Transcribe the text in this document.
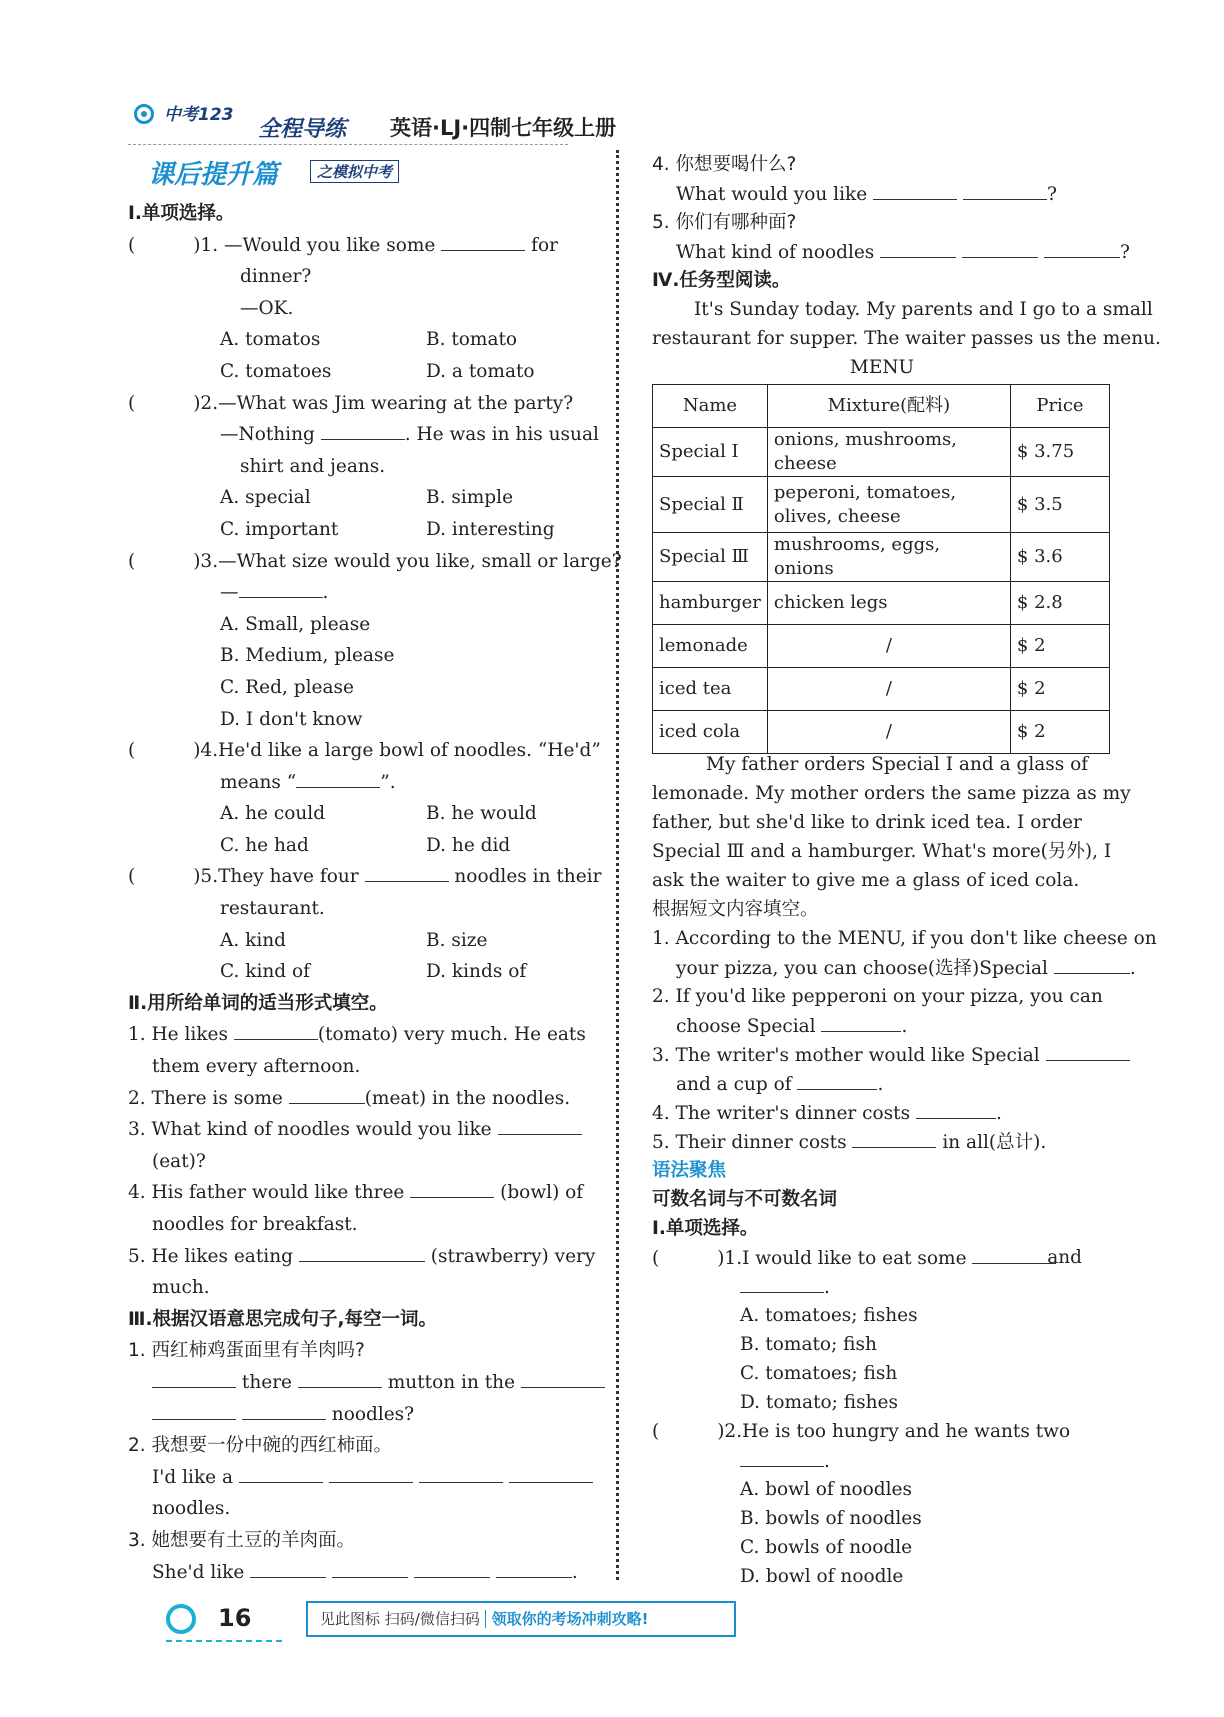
中考123
全程导练 英语·LJ·四制七年级上册
课后提升篇	之模拟中考
Ⅰ.单项选择。
(	)1. —Would you like some	for
dinner?
—OK.
A. tomatos	B. tomato
C. tomatoes	D. a tomato
(	)2.—What was Jim wearing at the party?
—Nothing	. He was in his usual
shirt and jeans.
A. special	B. simple
C. important	D. interesting
(	)3.—What size would you like, small or large?
—	.
A. Small, please
B. Medium, please
C. Red, please
D. I don't know
(	)4.He'd like a large bowl of noodles. “He'd”
means “	”.
A. he could	B. he would
C. he had	D. he did
(	)5.They have four	noodles in their
restaurant.
A. kind	B. size
C. kind of	D. kinds of
Ⅱ.用所给单词的适当形式填空。
1. He likes	(tomato) very much. He eats
them every afternoon.
2. There is some	(meat) in the noodles.
3. What kind of noodles would you like
(eat)?
4. His father would like three	(bowl) of
noodles for breakfast.
5. He likes eating	(strawberry) very
much.
Ⅲ.根据汉语意思完成句子,每空一词。
1. 西红柿鸡蛋面里有羊肉吗?
there	mutton in the
noodles?
2. 我想要一份中碗的西红柿面。
I'd like a
noodles.
3. 她想要有土豆的羊肉面。
She'd like	.
4. 你想要喝什么?
What would you like	?
5. 你们有哪种面?
What kind of noodles	?
Ⅳ.任务型阅读。
It's Sunday today. My parents and I go to a small
restaurant for supper. The waiter passes us the menu.
MENU
Name	Mixture(配料)	Price
Special Ⅰ	onions, mushrooms, cheese	$ 3.75
Special Ⅱ	peperoni, tomatoes, olives, cheese	$ 3.5
Special Ⅲ	mushrooms, eggs, onions	$ 3.6
hamburger	chicken legs	$ 2.8
lemonade	/	$ 2
iced tea	/	$ 2
iced cola	/	$ 2
My father orders Special Ⅰ and a glass of
lemonade. My mother orders the same pizza as my
father, but she'd like to drink iced tea. I order
Special Ⅲ and a hamburger. What's more(另外), I
ask the waiter to give me a glass of iced cola.
根据短文内容填空。
1. According to the MENU, if you don't like cheese on
your pizza, you can choose(选择)Special	.
2. If you'd like pepperoni on your pizza, you can
choose Special	.
3. The writer's mother would like Special
and a cup of	.
4. The writer's dinner costs	.
5. Their dinner costs	in all(总计).
语法聚焦
可数名词与不可数名词
Ⅰ.单项选择。
(	)1.I would like to eat some	and
.
A. tomatoes; fishes
B. tomato; fish
C. tomatoes; fish
D. tomato; fishes
(	)2.He is too hungry and he wants two
.
A. bowl of noodles
B. bowls of noodles
C. bowls of noodle
D. bowl of noodle
16	见此图标 扫码/微信扫码 领取你的考场冲刺攻略!
